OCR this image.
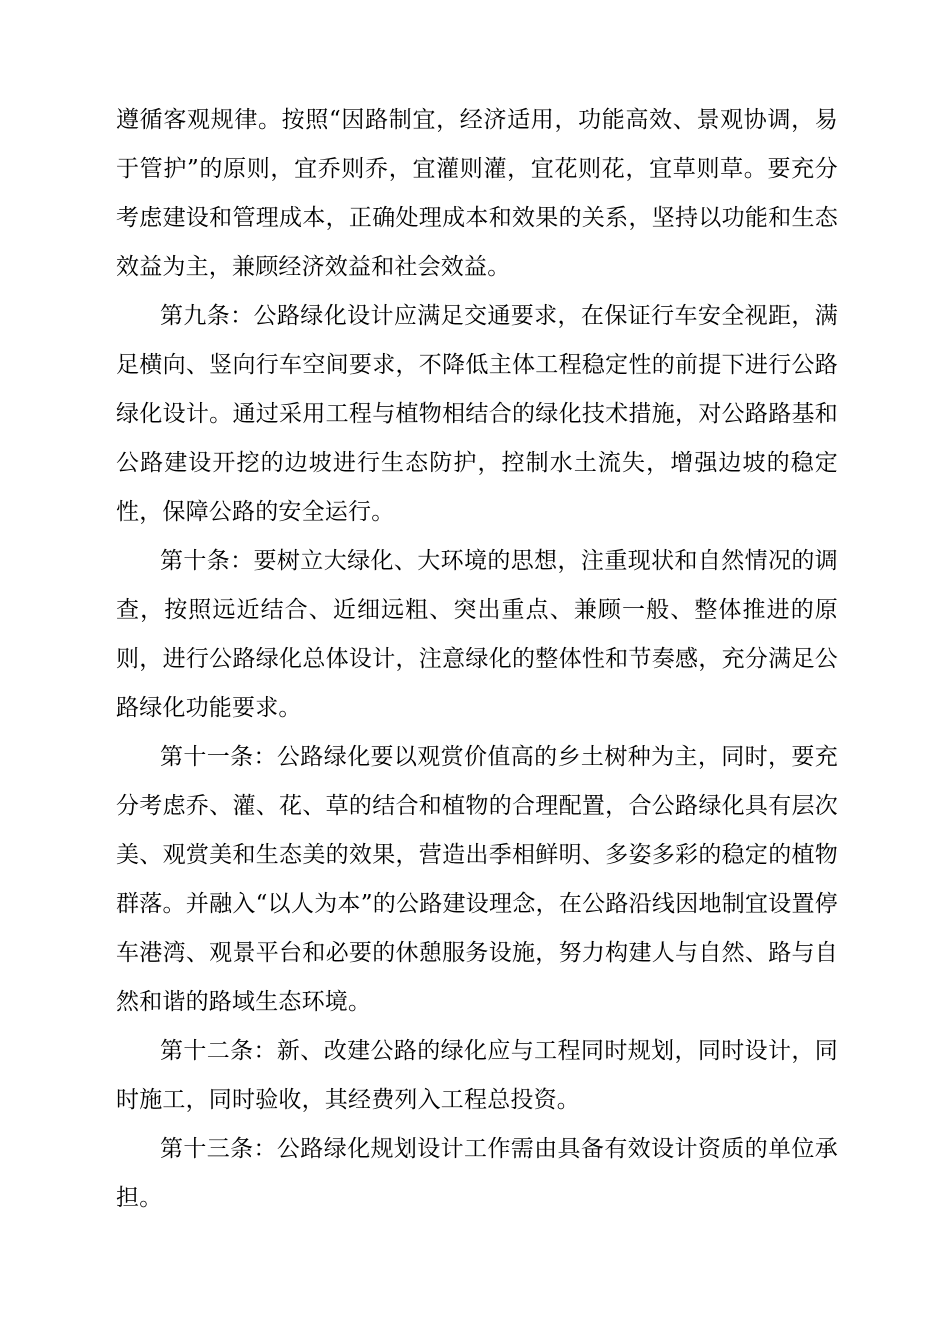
遵循客观规律。按照“因路制宜，经济适用，功能高效、景观协调，易于管护”的原则，宜乔则乔，宜灌则灌，宜花则花，宜草则草。要充分考虑建设和管理成本，正确处理成本和效果的关系，坚持以功能和生态效益为主，兼顾经济效益和社会效益。

第九条：公路绿化设计应满足交通要求，在保证行车安全视距，满足横向、竖向行车空间要求，不降低主体工程稳定性的前提下进行公路绿化设计。通过采用工程与植物相结合的绿化技术措施，对公路路基和公路建设开挖的边坡进行生态防护，控制水土流失，增强边坡的稳定性，保障公路的安全运行。

第十条：要树立大绿化、大环境的思想，注重现状和自然情况的调查，按照远近结合、近细远粗、突出重点、兼顾一般、整体推进的原则，进行公路绿化总体设计，注意绿化的整体性和节奏感，充分满足公路绿化功能要求。

第十一条：公路绿化要以观赏价值高的乡土树种为主，同时，要充分考虑乔、灌、花、草的结合和植物的合理配置，合公路绿化具有层次美、观赏美和生态美的效果，营造出季相鲜明、多姿多彩的稳定的植物群落。并融入“以人为本”的公路建设理念，在公路沿线因地制宜设置停车港湾、观景平台和必要的休憩服务设施，努力构建人与自然、路与自然和谐的路域生态环境。

第十二条：新、改建公路的绿化应与工程同时规划，同时设计，同时施工，同时验收，其经费列入工程总投资。

第十三条：公路绿化规划设计工作需由具备有效设计资质的单位承担。
